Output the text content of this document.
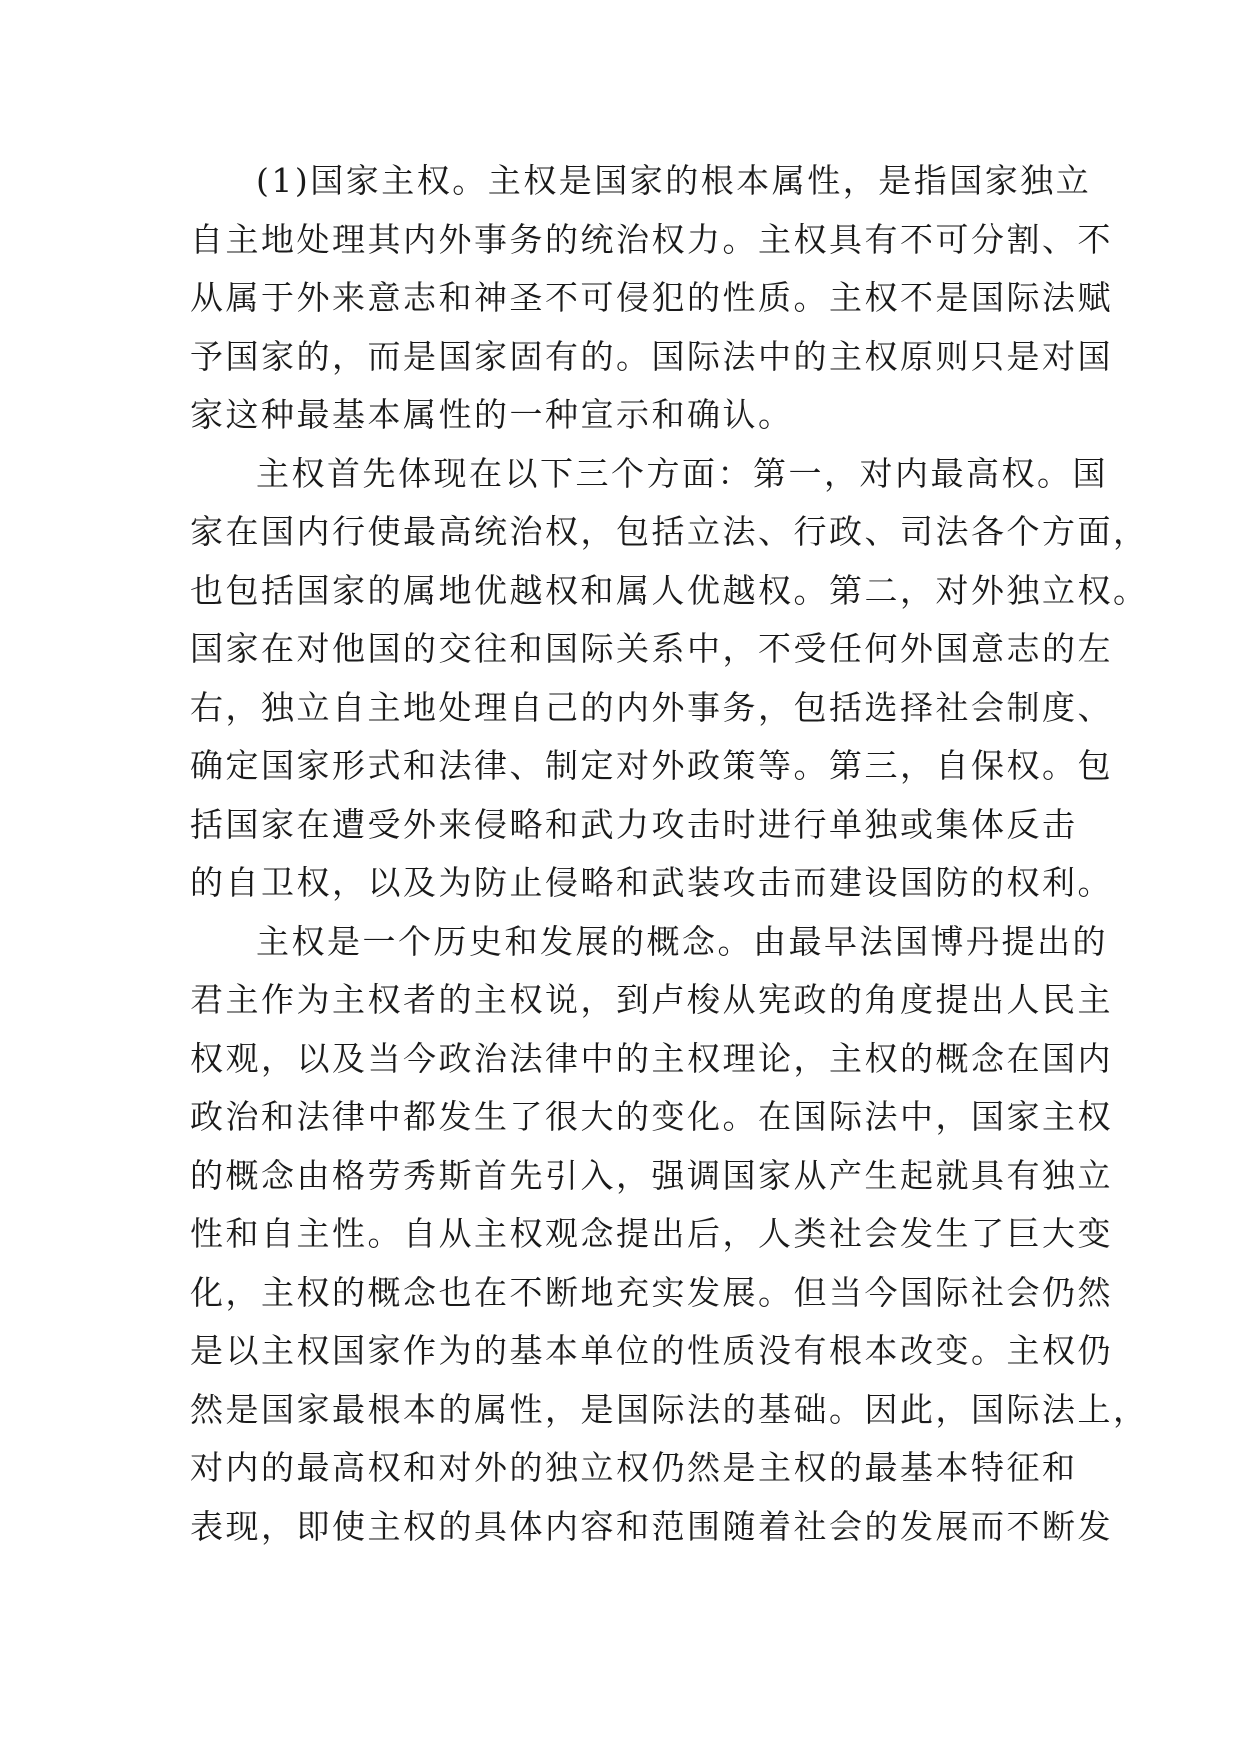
(1)国家主权。主权是国家的根本属性，是指国家独立
自主地处理其内外事务的统治权力。主权具有不可分割、不
从属于外来意志和神圣不可侵犯的性质。主权不是国际法赋
予国家的，而是国家固有的。国际法中的主权原则只是对国
家这种最基本属性的一种宣示和确认。
主权首先体现在以下三个方面：第一，对内最高权。国
家在国内行使最高统治权，包括立法、行政、司法各个方面，
也包括国家的属地优越权和属人优越权。第二，对外独立权。
国家在对他国的交往和国际关系中，不受任何外国意志的左
右，独立自主地处理自己的内外事务，包括选择社会制度、
确定国家形式和法律、制定对外政策等。第三，自保权。包
括国家在遭受外来侵略和武力攻击时进行单独或集体反击
的自卫权，以及为防止侵略和武装攻击而建设国防的权利。
主权是一个历史和发展的概念。由最早法国博丹提出的
君主作为主权者的主权说，到卢梭从宪政的角度提出人民主
权观，以及当今政治法律中的主权理论，主权的概念在国内
政治和法律中都发生了很大的变化。在国际法中，国家主权
的概念由格劳秀斯首先引入，强调国家从产生起就具有独立
性和自主性。自从主权观念提出后，人类社会发生了巨大变
化，主权的概念也在不断地充实发展。但当今国际社会仍然
是以主权国家作为的基本单位的性质没有根本改变。主权仍
然是国家最根本的属性，是国际法的基础。因此，国际法上，
对内的最高权和对外的独立权仍然是主权的最基本特征和
表现，即使主权的具体内容和范围随着社会的发展而不断发
